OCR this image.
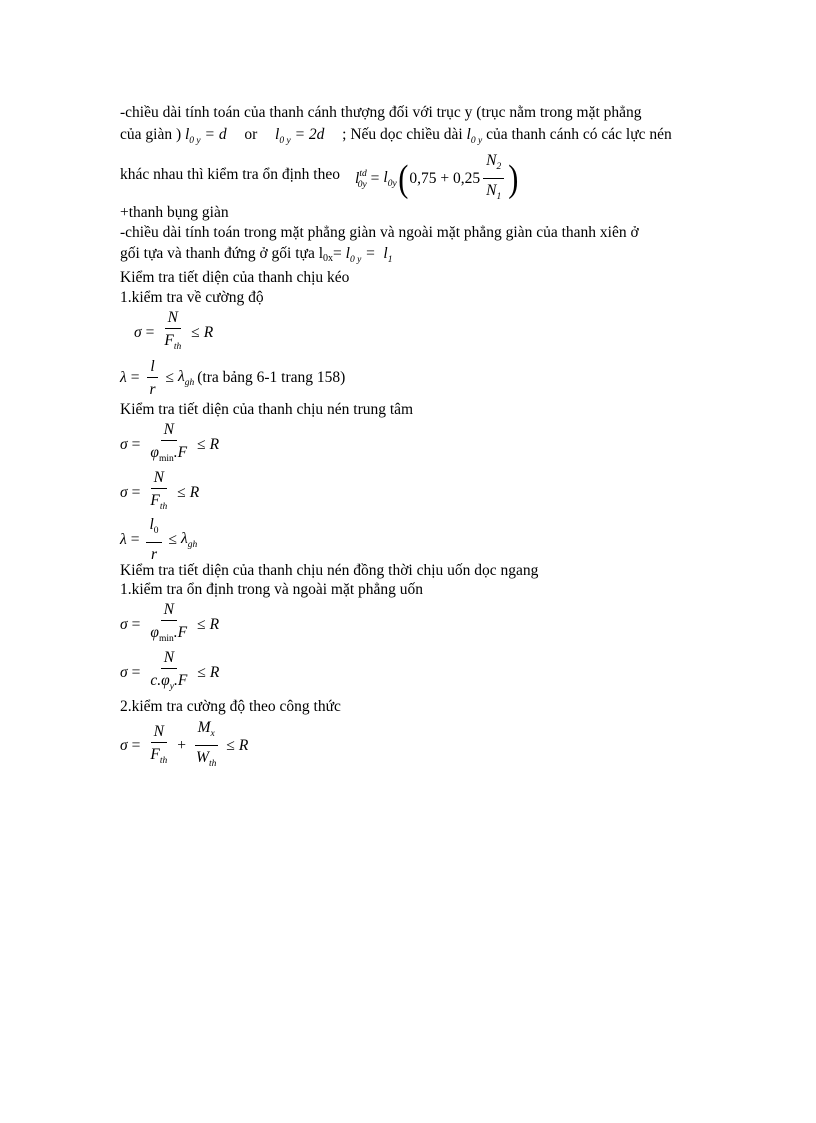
-chiều dài tính toán của thanh cánh thượng đối với trục y (trục nằm trong mặt phẳng
của giàn ) $l_{0 y} = d$ or $l_{0 y} = 2d$ ; Nếu dọc chiều dài $l_{0 y}$ của thanh cánh có các lực nén
khác nhau thì kiểm tra ổn định theo $l^{td}_{0y} = l_{0y}$ ( $0,75 + 0,25 \frac{N_2}{N_1}$ )
+thanh bụng giàn
-chiều dài tính toán trong mặt phẳng giàn và ngoài mặt phẳng giàn của thanh xiên ở
gối tựa và thanh đứng ở gối tựa $l0x= l_{0 y} = l_1$
Kiểm tra tiết diện của thanh chịu kéo
1.kiểm tra về cường độ
$\sigma = \frac{N}{F_{th}} \le R$
$\lambda = \frac{l}{r} \le \lambda_{gh}$ (tra bảng 6-1 trang 158)
Kiểm tra tiết diện của thanh chịu nén trung tâm
$\sigma = \frac{N}{\varphi_{min}.F} \le R$
$\sigma = \frac{N}{F_{th}} \le R$
$\lambda = \frac{l_0}{r} \le \lambda_{gh}$
Kiểm tra tiết diện của thanh chịu nén đồng thời chịu uốn dọc ngang
1.kiểm tra ổn định trong và ngoài mặt phẳng uốn
$\sigma = \frac{N}{\varphi_{min}.F} \le R$
$\sigma = \frac{N}{c.\varphi_y.F} \le R$
2.kiểm tra cường độ theo công thức
$\sigma = \frac{N}{F_{th}} + \frac{M_x}{W_{th}} \le R$
